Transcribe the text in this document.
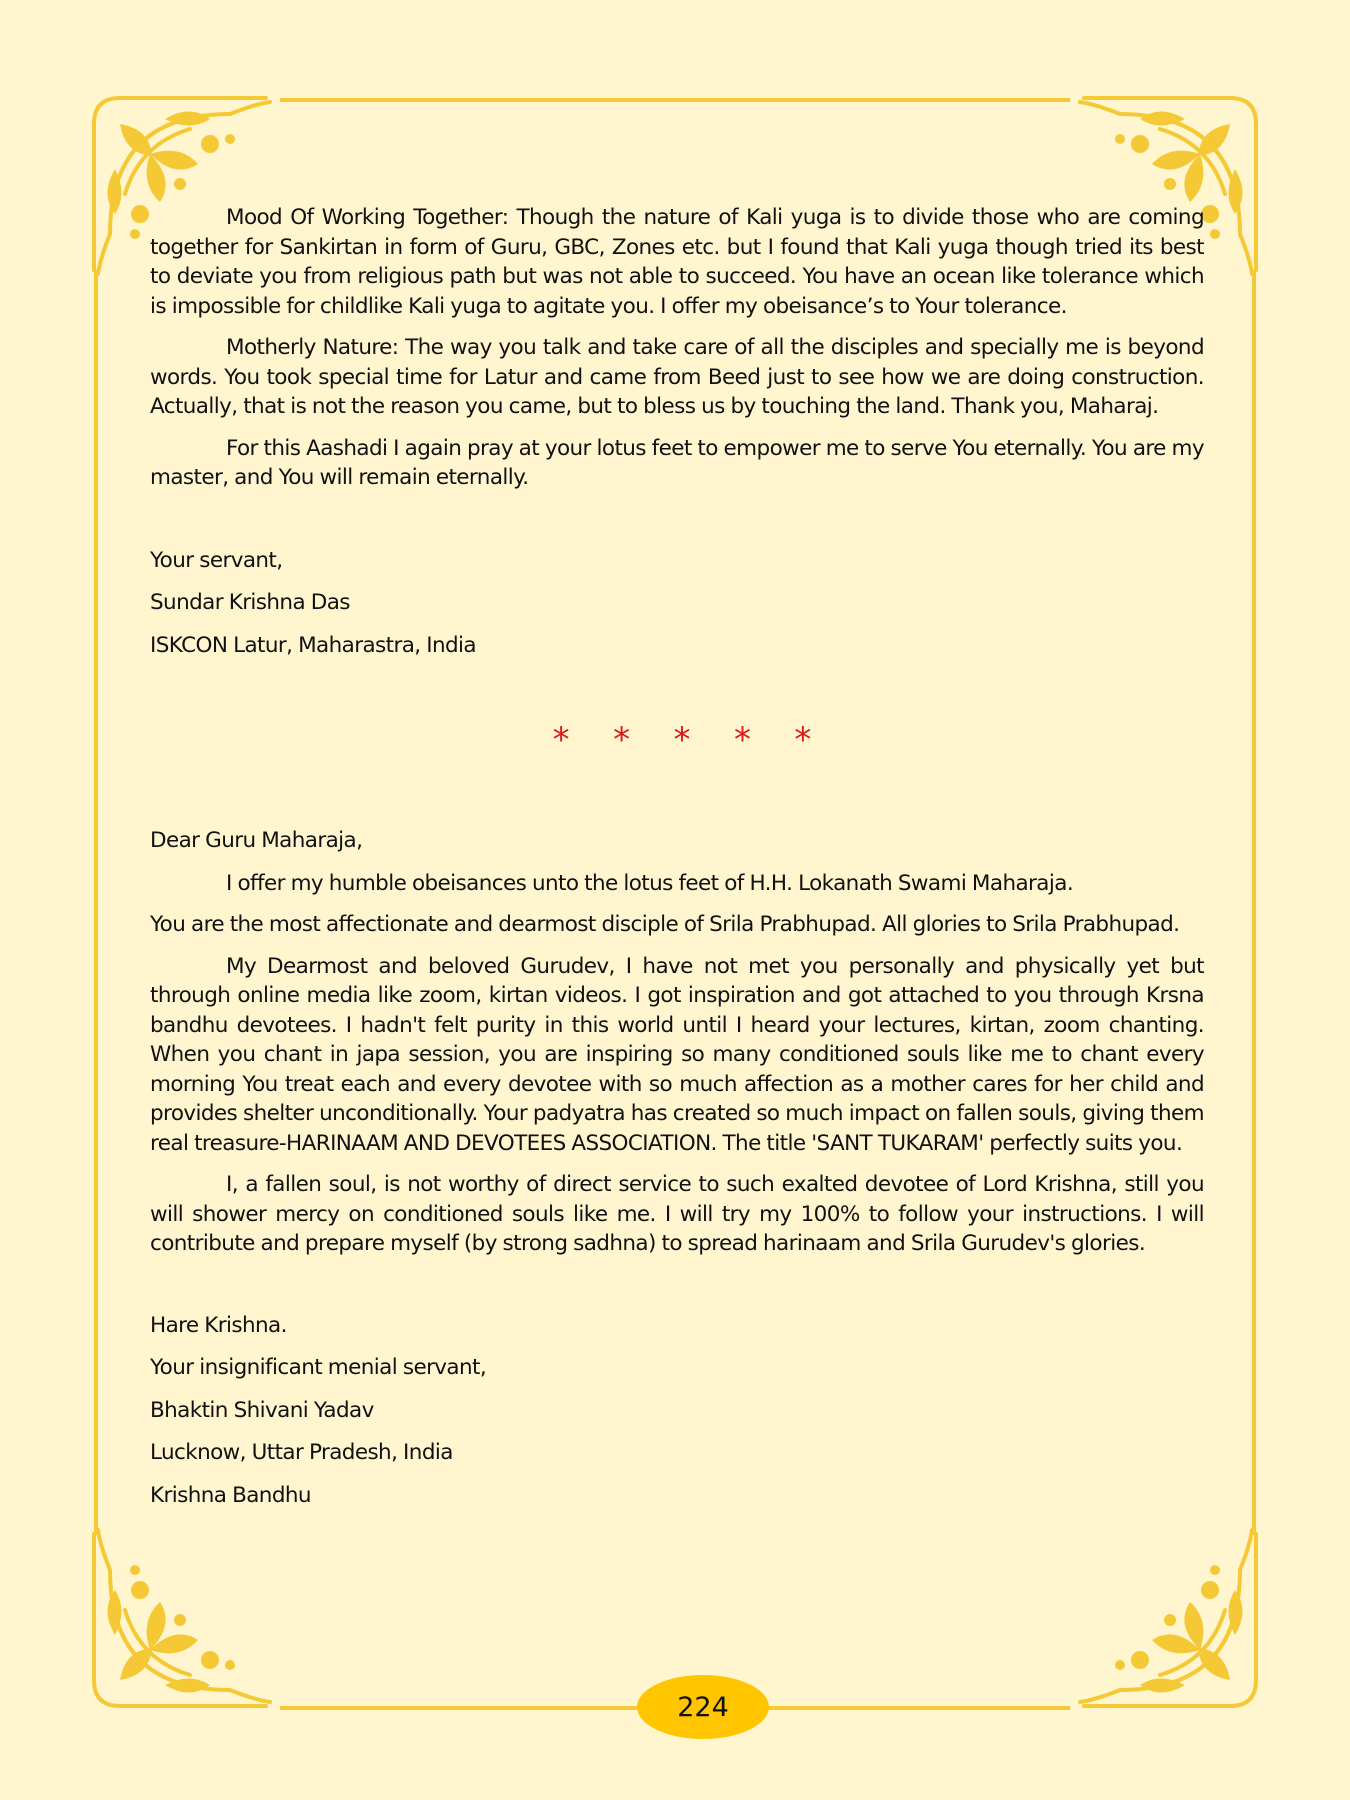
Mood Of Working Together: Though the nature of Kali yuga is to divide those who are coming together for Sankirtan in form of Guru, GBC, Zones etc. but I found that Kali yuga though tried its best to deviate you from religious path but was not able to succeed. You have an ocean like tolerance which is impossible for childlike Kali yuga to agitate you. I offer my obeisance’s to Your tolerance.

Motherly Nature: The way you talk and take care of all the disciples and specially me is beyond words. You took special time for Latur and came from Beed just to see how we are doing construction. Actually, that is not the reason you came, but to bless us by touching the land. Thank you, Maharaj.

For this Aashadi I again pray at your lotus feet to empower me to serve You eternally. You are my master, and You will remain eternally.

Your servant,

Sundar Krishna Das

ISKCON Latur, Maharastra, India

* * * * *

Dear Guru Maharaja,

I offer my humble obeisances unto the lotus feet of H.H. Lokanath Swami Maharaja.

You are the most affectionate and dearmost disciple of Srila Prabhupad. All glories to Srila Prabhupad.

My Dearmost and beloved Gurudev, I have not met you personally and physically yet but through online media like zoom, kirtan videos. I got inspiration and got attached to you through Krsna bandhu devotees. I hadn't felt purity in this world until I heard your lectures, kirtan, zoom chanting. When you chant in japa session, you are inspiring so many conditioned souls like me to chant every morning You treat each and every devotee with so much affection as a mother cares for her child and provides shelter unconditionally. Your padyatra has created so much impact on fallen souls, giving them real treasure-HARINAAM AND DEVOTEES ASSOCIATION. The title 'SANT TUKARAM' perfectly suits you.

I, a fallen soul, is not worthy of direct service to such exalted devotee of Lord Krishna, still you will shower mercy on conditioned souls like me. I will try my 100% to follow your instructions. I will contribute and prepare myself (by strong sadhna) to spread harinaam and Srila Gurudev's glories.

Hare Krishna.

Your insignificant menial servant,

Bhaktin Shivani Yadav

Lucknow, Uttar Pradesh, India

Krishna Bandhu

224
